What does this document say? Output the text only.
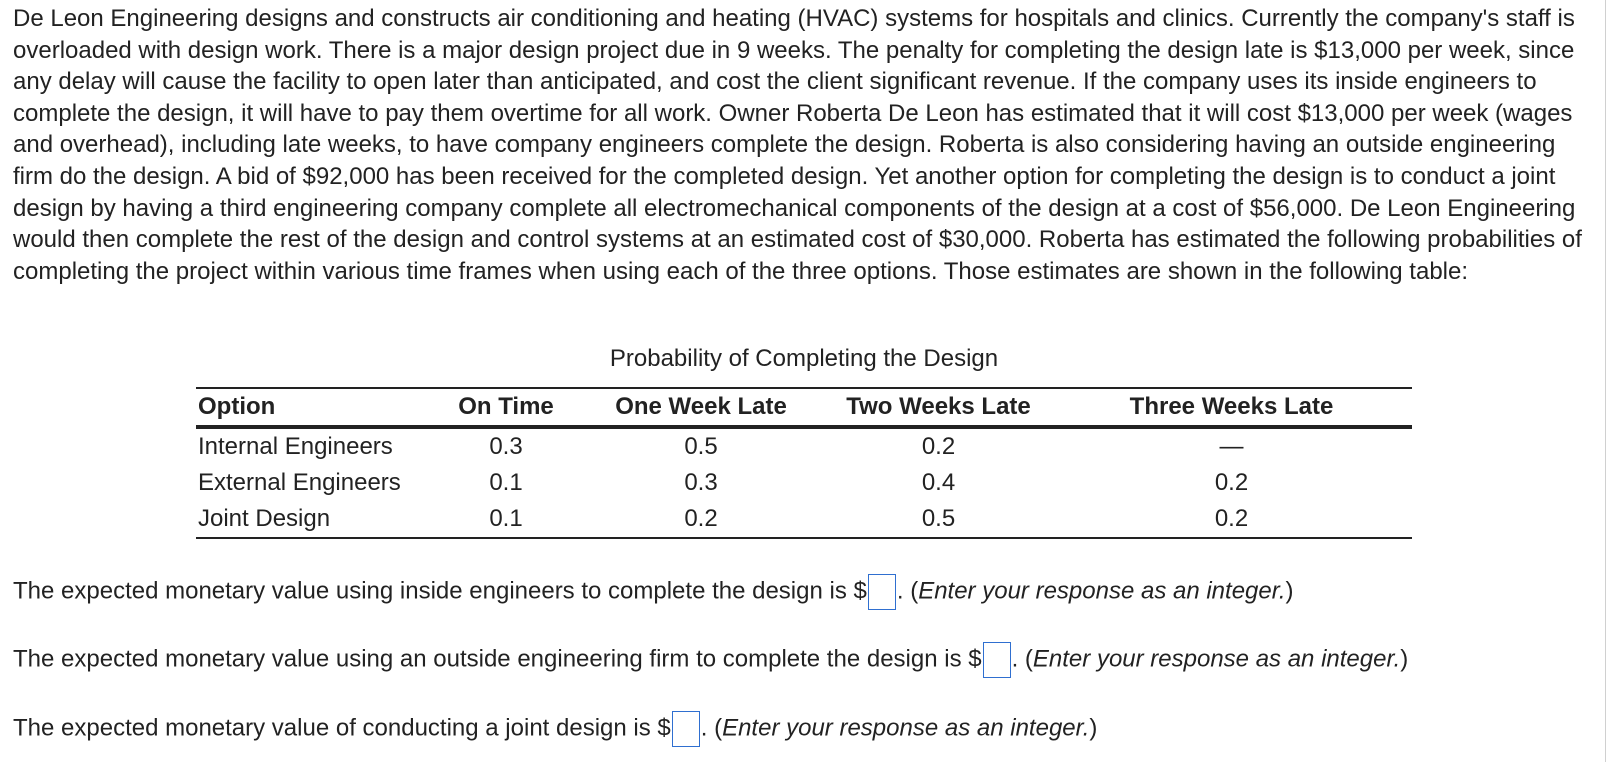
De Leon Engineering designs and constructs air conditioning and heating (HVAC) systems for hospitals and clinics. Currently the company's staff is overloaded with design work. There is a major design project due in 9 weeks. The penalty for completing the design late is $13,000 per week, since any delay will cause the facility to open later than anticipated, and cost the client significant revenue. If the company uses its inside engineers to complete the design, it will have to pay them overtime for all work. Owner Roberta De Leon has estimated that it will cost $13,000 per week (wages and overhead), including late weeks, to have company engineers complete the design. Roberta is also considering having an outside engineering firm do the design. A bid of $92,000 has been received for the completed design. Yet another option for completing the design is to conduct a joint design by having a third engineering company complete all electromechanical components of the design at a cost of $56,000. De Leon Engineering would then complete the rest of the design and control systems at an estimated cost of $30,000. Roberta has estimated the following probabilities of completing the project within various time frames when using each of the three options. Those estimates are shown in the following table:

Probability of Completing the Design
Option	On Time	One Week Late	Two Weeks Late	Three Weeks Late
Internal Engineers	0.3	0.5	0.2	—
External Engineers	0.1	0.3	0.4	0.2
Joint Design	0.1	0.2	0.5	0.2

The expected monetary value using inside engineers to complete the design is $ . (Enter your response as an integer.)

The expected monetary value using an outside engineering firm to complete the design is $ . (Enter your response as an integer.)

The expected monetary value of conducting a joint design is $ . (Enter your response as an integer.)
